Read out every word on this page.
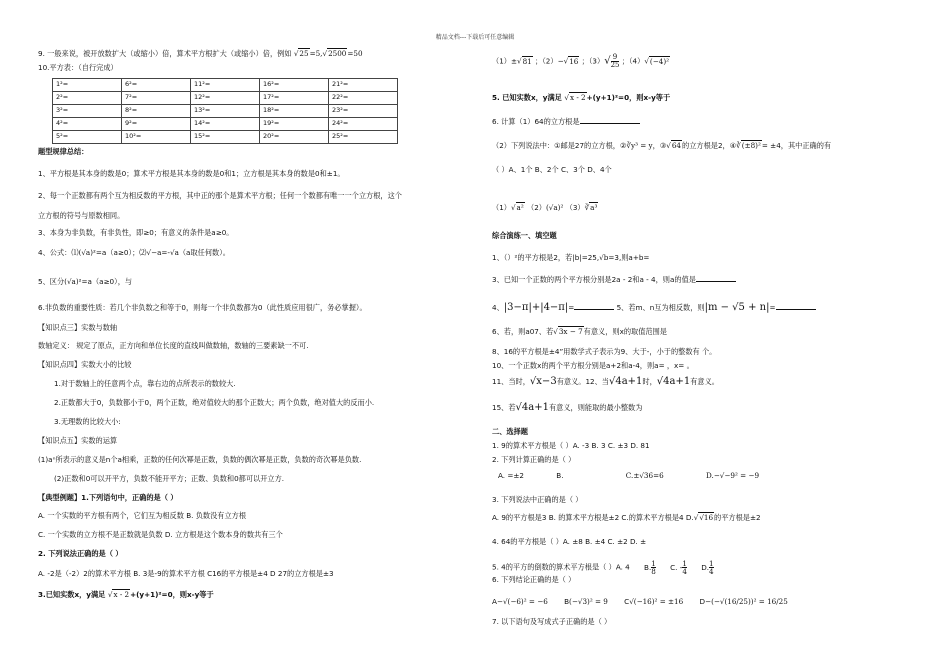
精品文档---下载后可任意编辑
9. 一般来说，被开放数扩大（或缩小）倍，算术平方根扩大（或缩小）倍，例如 √25=5,√2500=50
10.平方表：（自行完成）
1²=	6²=	11²=	16²=	21²=
2²=	7²=	12²=	17²=	22²=
3²=	8²=	13²=	18²=	23²=
4²=	9²=	14²=	19²=	24²=
5²=	10²=	15²=	20²=	25²=
题型规律总结：
1、平方根是其本身的数是0；算术平方根是其本身的数是0和1；立方根是其本身的数是0和±1。
2、每一个正数都有两个互为相反数的平方根，其中正的那个是算术平方根；任何一个数都有唯一一个立方根，这个
立方根的符号与原数相同。
3、本身为非负数，有非负性，即≥0；有意义的条件是a≥0。
4、公式：⑴(√a)²=a（a≥0）；⑵√−a=-√a（a取任何数）。
5、区分(√a)²=a（a≥0），与
6.非负数的重要性质：若几个非负数之和等于0，则每一个非负数都为0（此性质应用很广，务必掌握）。
【知识点三】实数与数轴
数轴定义： 规定了原点，正方向和单位长度的直线叫做数轴，数轴的三要素缺一不可.
【知识点四】实数大小的比较
1.对于数轴上的任意两个点，靠右边的点所表示的数较大.
2.正数都大于0，负数都小于0，两个正数，绝对值较大的那个正数大；两个负数，绝对值大的反而小.
3.无理数的比较大小:
【知识点五】实数的运算
(1)aⁿ所表示的意义是n个a相乘，正数的任何次幂是正数，负数的偶次幂是正数，负数的奇次幂是负数.
(2)正数和0可以开平方，负数不能开平方；正数、负数和0都可以开立方.
【典型例题】1.下列语句中，正确的是（ ）
A. 一个实数的平方根有两个，它们互为相反数 B. 负数没有立方根
C. 一个实数的立方根不是正数就是负数 D. 立方根是这个数本身的数共有三个
2. 下列说法正确的是（ ）
A. -2是（-2）2的算术平方根 B. 3是-9的算术平方根 C16的平方根是±4 D 27的立方根是±3
3.已知实数x，y满足 √x - 2+(y+1)²=0，则x-y等于
（1）±√81 ；（2）−√16 ；$(3)√ \frac{9}{25}$ ；（4）√(−4)²
5. 已知实数x，y满足 √x - 2+(y+1)²=0，则x-y等于
6. 计算（1）64的立方根是
（2）下列说法中：①邮是27的立方根，②∛y³ = y，③√64的立方根是2，④∛(±8)²= ±4，其中正确的有
（ ）A、1个 B、2个 C、3个 D、4个
（1）√a² （2）(√a)² （3）∛a³
综合演练一、填空题
1、（）²的平方根是2，若|b|=25,√b=3,则a+b=
3、已知一个正数的两个平方根分别是2a - 2和a - 4，则a的值是
4、|3−π|+|4−π|=	5、若m、n互为相反数，则|m − √5 + n|=
6、若，则a07、若√3x − 7有意义，则x的取值范围是
8、16的平方根是±4”用数学式子表示为9、大于-，小于的整数有 个。
10、一个正数x的两个平方根分别是a+2和a-4，则a= ，x= 。
11、当时，√x−3有意义。12、当√4a+1时，√4a+1有意义。
15、若√4a+1有意义，则能取的最小整数为
二、选择题
1. 9的算术平方根是（ ）A. -3 B. 3 C. ±3 D. 81
2. 下列计算正确的是（ ）
A. =±2	B.	C.±√36=6	D.−√−9² = −9
3. 下列说法中正确的是（ ）
A. 9的平方根是3 B. 的算术平方根是±2 C.的算术平方根是4 D.√√16的平方根是±2
4. 64的平方根是（ ）A. ±8 B. ±4 C. ±2 D. ±
5. 4的平方的倒数的算术平方根是（ ）A. 4 B. $\frac{1}{8} C$. - $\frac{1}{4} D$. $\frac{1}{4}$
6. 下列结论正确的是（ ）
A−√(−6)² = −6 B(−√3)² = 9 C√(−16)² = ±16 D−(−√(16/25))² = 16/25
7. 以下语句及写成式子正确的是（ ）
